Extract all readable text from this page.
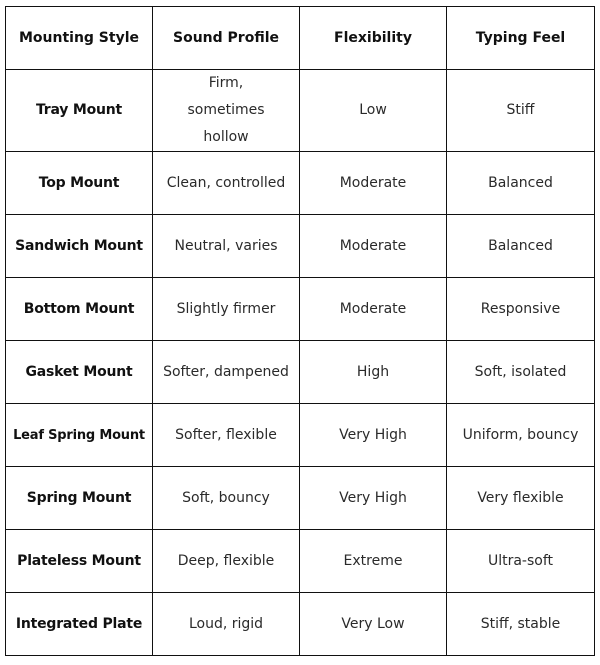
Mounting Style	Sound Profile	Flexibility	Typing Feel
Tray Mount	Firm, sometimes hollow	Low	Stiff
Top Mount	Clean, controlled	Moderate	Balanced
Sandwich Mount	Neutral, varies	Moderate	Balanced
Bottom Mount	Slightly firmer	Moderate	Responsive
Gasket Mount	Softer, dampened	High	Soft, isolated
Leaf Spring Mount	Softer, flexible	Very High	Uniform, bouncy
Spring Mount	Soft, bouncy	Very High	Very flexible
Plateless Mount	Deep, flexible	Extreme	Ultra-soft
Integrated Plate	Loud, rigid	Very Low	Stiff, stable
